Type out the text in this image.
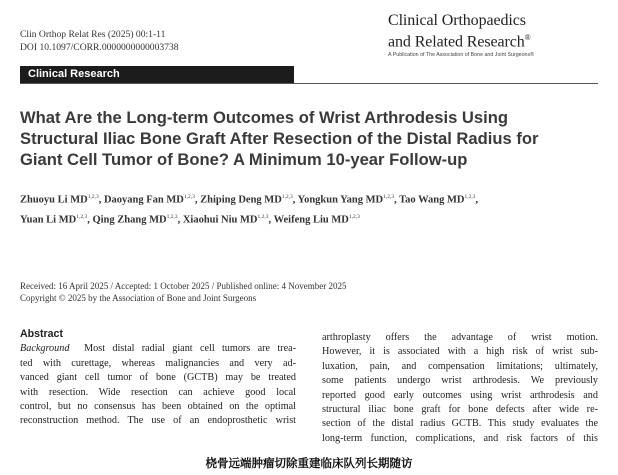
Clin Orthop Relat Res (2025) 00:1-11
DOI 10.1097/CORR.0000000000003738
Clinical Orthopaedics
and Related Research®
A Publication of The Association of Bone and Joint Surgeons®
Clinical Research
What Are the Long-term Outcomes of Wrist Arthrodesis Using
Structural Iliac Bone Graft After Resection of the Distal Radius for
Giant Cell Tumor of Bone? A Minimum 10-year Follow-up
Zhuoyu Li MD$^{1,2,3}$, Daoyang Fan MD$^{1,2,3}$, Zhiping Deng MD$^{1,2,3}$, Yongkun Yang MD$^{1,2,3}$, Tao Wang MD$^{1,2,3}$,
Yuan Li MD$^{1,2,3}$, Qing Zhang MD$^{1,2,3}$, Xiaohui Niu MD$^{1,2,3}$, Weifeng Liu MD$^{1,2,3}$
Received: 16 April 2025 / Accepted: 1 October 2025 / Published online: 4 November 2025
Copyright © 2025 by the Association of Bone and Joint Surgeons
Abstract
Background Most distal radial giant cell tumors are trea-
ted with curettage, whereas malignancies and very ad-
vanced giant cell tumor of bone (GCTB) may be treated
with resection. Wide resection can achieve good local
control, but no consensus has been obtained on the optimal
reconstruction method. The use of an endoprosthetic wrist
arthroplasty offers the advantage of wrist motion.
However, it is associated with a high risk of wrist sub-
luxation, pain, and compensation limitations; ultimately,
some patients undergo wrist arthrodesis. We previously
reported good early outcomes using wrist arthrodesis and
structural iliac bone graft for bone defects after wide re-
section of the distal radius GCTB. This study evaluates the
long-term function, complications, and risk factors of this
桡骨远端肿瘤切除重建临床队列长期随访
